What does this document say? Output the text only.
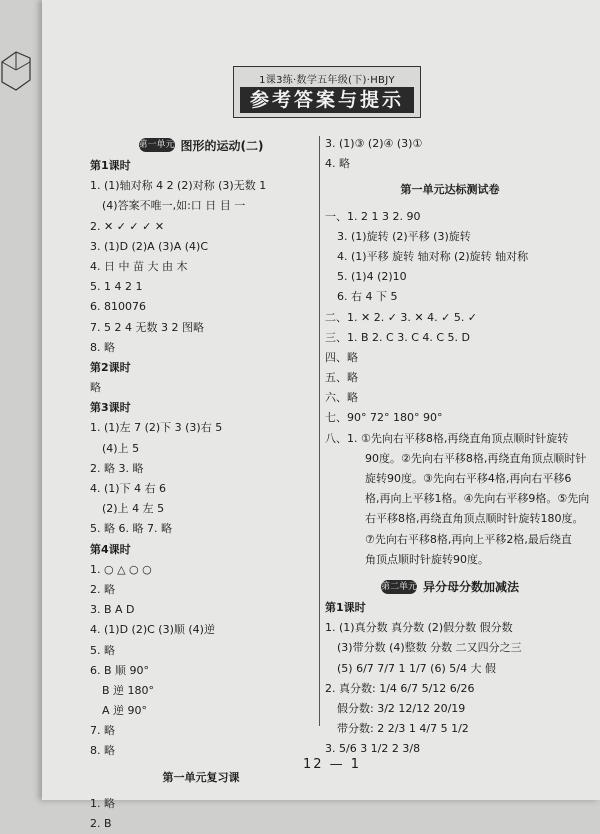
1课3练·数学五年级(下)·HBJY
参考答案与提示
第一单元 图形的运动(二)
第1课时
1. (1)轴对称 4 2 (2)对称 (3)无数 1
(4)答案不唯一,如:口 日 目 一
2. ✕ ✓ ✓ ✓ ✕
3. (1)D (2)A (3)A (4)C
4. 日 中 苗 大 由 木
5. 1 4 2 1
6. 810076
7. 5 2 4 无数 3 2 图略
8. 略
第2课时
略
第3课时
1. (1)左 7 (2)下 3 (3)右 5
(4)上 5
2. 略 3. 略
4. (1)下 4 右 6
(2)上 4 左 5
5. 略 6. 略 7. 略
第4课时
1. ○ △ ○ ○
2. 略
3. B A D
4. (1)D (2)C (3)顺 (4)逆
5. 略
6. B 顺 90°
B 逆 180°
A 逆 90°
7. 略
8. 略
第一单元复习课
1. 略
2. B
3. (1)③ (2)④ (3)①
4. 略
第一单元达标测试卷
一、1. 2 1 3 2. 90
3. (1)旋转 (2)平移 (3)旋转
4. (1)平移 旋转 轴对称 (2)旋转 轴对称
5. (1)4 (2)10
6. 右 4 下 5
二、1. ✕ 2. ✓ 3. ✕ 4. ✓ 5. ✓
三、1. B 2. C 3. C 4. C 5. D
四、略
五、略
六、略
七、90° 72° 180° 90°
八、1. ①先向右平移8格,再绕直角顶点顺时针旋转
90度。②先向右平移8格,再绕直角顶点顺时针
旋转90度。③先向右平移4格,再向右平移6
格,再向上平移1格。④先向右平移9格。⑤先向
右平移8格,再绕直角顶点顺时针旋转180度。
⑦先向右平移8格,再向上平移2格,最后绕直
角顶点顺时针旋转90度。
第二单元 异分母分数加减法
第1课时
1. (1)真分数 真分数 (2)假分数 假分数
(3)带分数 (4)整数 分数 二又四分之三
(5) 6/7 7/7 1 1/7 (6) 5/4 大 假
2. 真分数: 1/4 6/7 5/12 6/26
假分数: 3/2 12/12 20/19
带分数: 2 2/3 1 4/7 5 1/2
3. 5/6 3 1/2 2 3/8
12 — 1
